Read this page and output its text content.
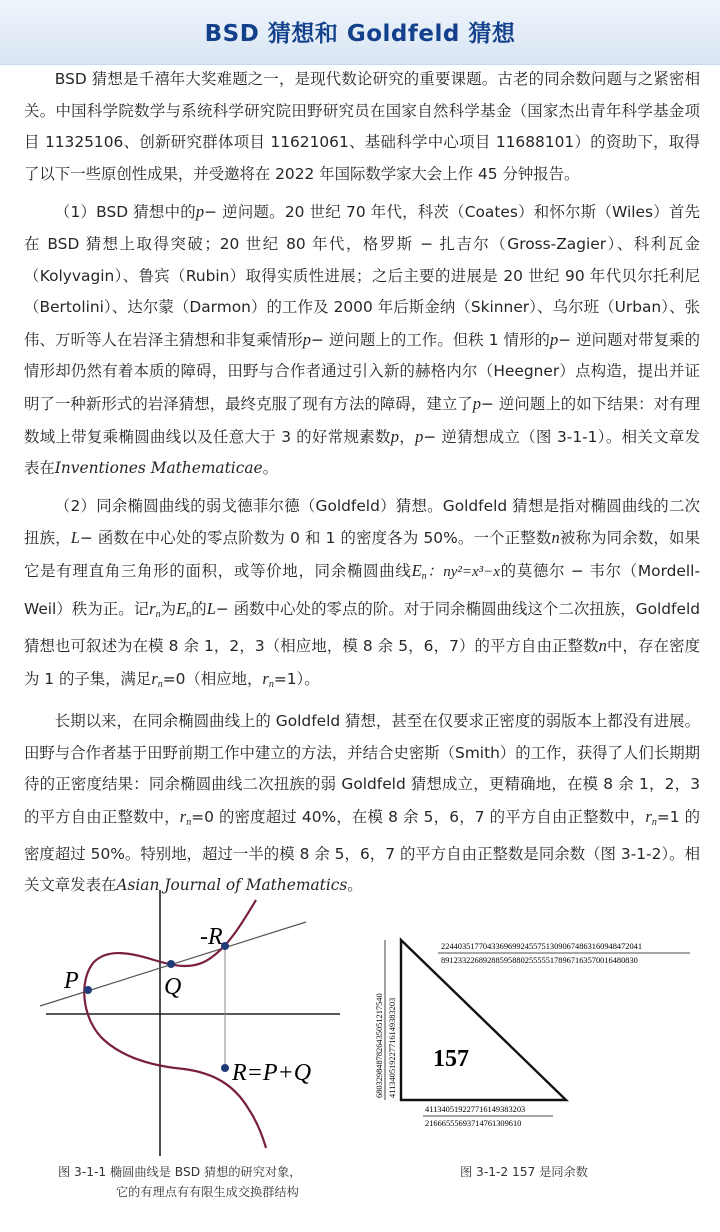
BSD 猜想和 Goldfeld 猜想

BSD 猜想是千禧年大奖难题之一，是现代数论研究的重要课题。古老的同余数问题与之紧密相关。中国科学院数学与系统科学研究院田野研究员在国家自然科学基金（国家杰出青年科学基金项目 11325106、创新研究群体项目 11621061、基础科学中心项目 11688101）的资助下，取得了以下一些原创性成果，并受邀将在 2022 年国际数学家大会上作 45 分钟报告。

（1）BSD 猜想中的p− 逆问题。20 世纪 70 年代，科茨（Coates）和怀尔斯（Wiles）首先在 BSD 猜想上取得突破；20 世纪 80 年代，格罗斯 − 扎吉尔（Gross-Zagier）、科利瓦金（Kolyvagin）、鲁宾（Rubin）取得实质性进展；之后主要的进展是 20 世纪 90 年代贝尔托利尼（Bertolini）、达尔蒙（Darmon）的工作及 2000 年后斯金纳（Skinner）、乌尔班（Urban）、张伟、万昕等人在岩泽主猜想和非复乘情形p− 逆问题上的工作。但秩 1 情形的p− 逆问题对带复乘的情形却仍然有着本质的障碍，田野与合作者通过引入新的赫格内尔（Heegner）点构造，提出并证明了一种新形式的岩泽猜想，最终克服了现有方法的障碍，建立了p− 逆问题上的如下结果：对有理数域上带复乘椭圆曲线以及任意大于 3 的好常规素数p，p− 逆猜想成立（图 3-1-1）。相关文章发表在Inventiones Mathematicae。

（2）同余椭圆曲线的弱戈德菲尔德（Goldfeld）猜想。Goldfeld 猜想是指对椭圆曲线的二次扭族，L− 函数在中心处的零点阶数为 0 和 1 的密度各为 50%。一个正整数n被称为同余数，如果它是有理直角三角形的面积，或等价地，同余椭圆曲线$E_n$：ny²=x³−x的莫德尔 − 韦尔（Mordell-Weil）秩为正。记$r_n$为$E_n$的L− 函数中心处的零点的阶。对于同余椭圆曲线这个二次扭族，Goldfeld 猜想也可叙述为在模 8 余 1，2，3（相应地，模 8 余 5，6，7）的平方自由正整数n中，存在密度为 1 的子集，满足$r_n=0$（相应地，$r_n=1$）。

长期以来，在同余椭圆曲线上的 Goldfeld 猜想，甚至在仅要求正密度的弱版本上都没有进展。田野与合作者基于田野前期工作中建立的方法，并结合史密斯（Smith）的工作，获得了人们长期期待的正密度结果：同余椭圆曲线二次扭族的弱 Goldfeld 猜想成立，更精确地，在模 8 余 1，2，3 的平方自由正整数中，$r_n=0$ 的密度超过 40%，在模 8 余 5，6，7 的平方自由正整数中，$r_n=1$ 的密度超过 50%。特别地，超过一半的模 8 余 5，6，7 的平方自由正整数是同余数（图 3-1-2）。相关文章发表在Asian Journal of Mathematics。

P	Q
-R
R=P+Q
图 3-1-1 椭圆曲线是 BSD 猜想的研究对象，
它的有理点有有限生成交换群结构
157
224403517704336969924557513090674863160948472041
8912332268928859588025555517896716357001648083​0
411340519227716149383203
21666555693714761309610
6803298487826435051217540 411340519227716149383203
图 3-1-2 157 是同余数
